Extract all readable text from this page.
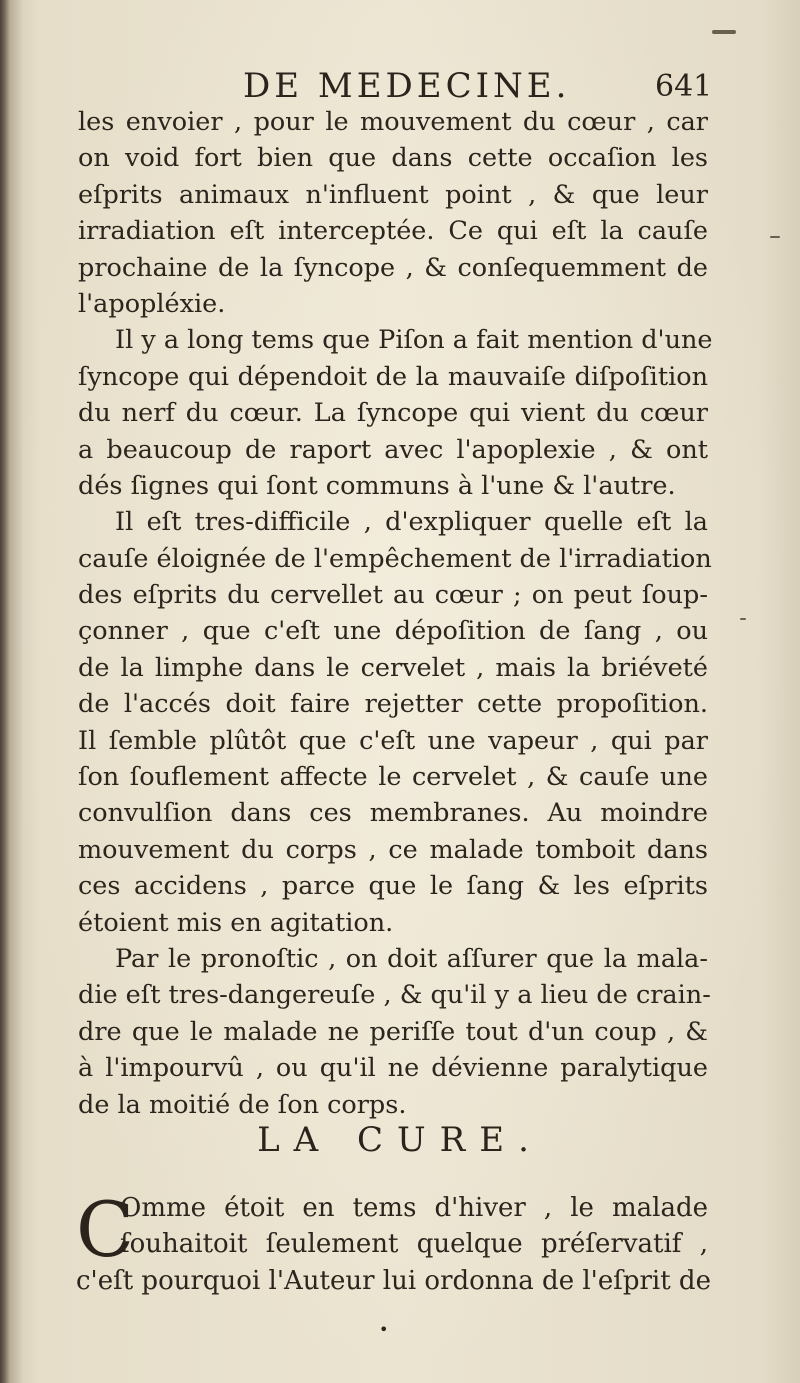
DE MEDECINE.	641
les envoier , pour le mouvement du cœur , car
on void fort bien que dans cette occaſion les
eſprits animaux n'influent point , & que leur
irradiation eſt interceptée. Ce qui eſt la cauſe
prochaine de la ſyncope , & conſequemment de
l'apopléxie.
Il y a long tems que Piſon a fait mention d'une
ſyncope qui dépendoit de la mauvaiſe diſpoſition
du nerf du cœur. La ſyncope qui vient du cœur
a beaucoup de raport avec l'apoplexie , & ont
dés ſignes qui ſont communs à l'une & l'autre.
Il eſt tres-difficile , d'expliquer quelle eſt la
cauſe éloignée de l'empêchement de l'irradiation
des eſprits du cervellet au cœur ; on peut ſoup-
çonner , que c'eſt une dépoſition de ſang , ou
de la limphe dans le cervelet , mais la briéveté
de l'accés doit faire rejetter cette propoſition.
Il ſemble plûtôt que c'eſt une vapeur , qui par
ſon ſouflement affecte le cervelet , & cauſe une
convulſion dans ces membranes. Au moindre
mouvement du corps , ce malade tomboit dans
ces accidens , parce que le ſang & les eſprits
étoient mis en agitation.
Par le pronoſtic , on doit aſſurer que la mala-
die eſt tres-dangereuſe , & qu'il y a lieu de crain-
dre que le malade ne periſſe tout d'un coup , &
à l'impourvû , ou qu'il ne dévienne paralytique
de la moitié de ſon corps.
LA CURE.
C
Omme étoit en tems d'hiver , le malade
ſouhaitoit ſeulement quelque préſervatif ,
c'eſt pourquoi l'Auteur lui ordonna de l'eſprit de
•
